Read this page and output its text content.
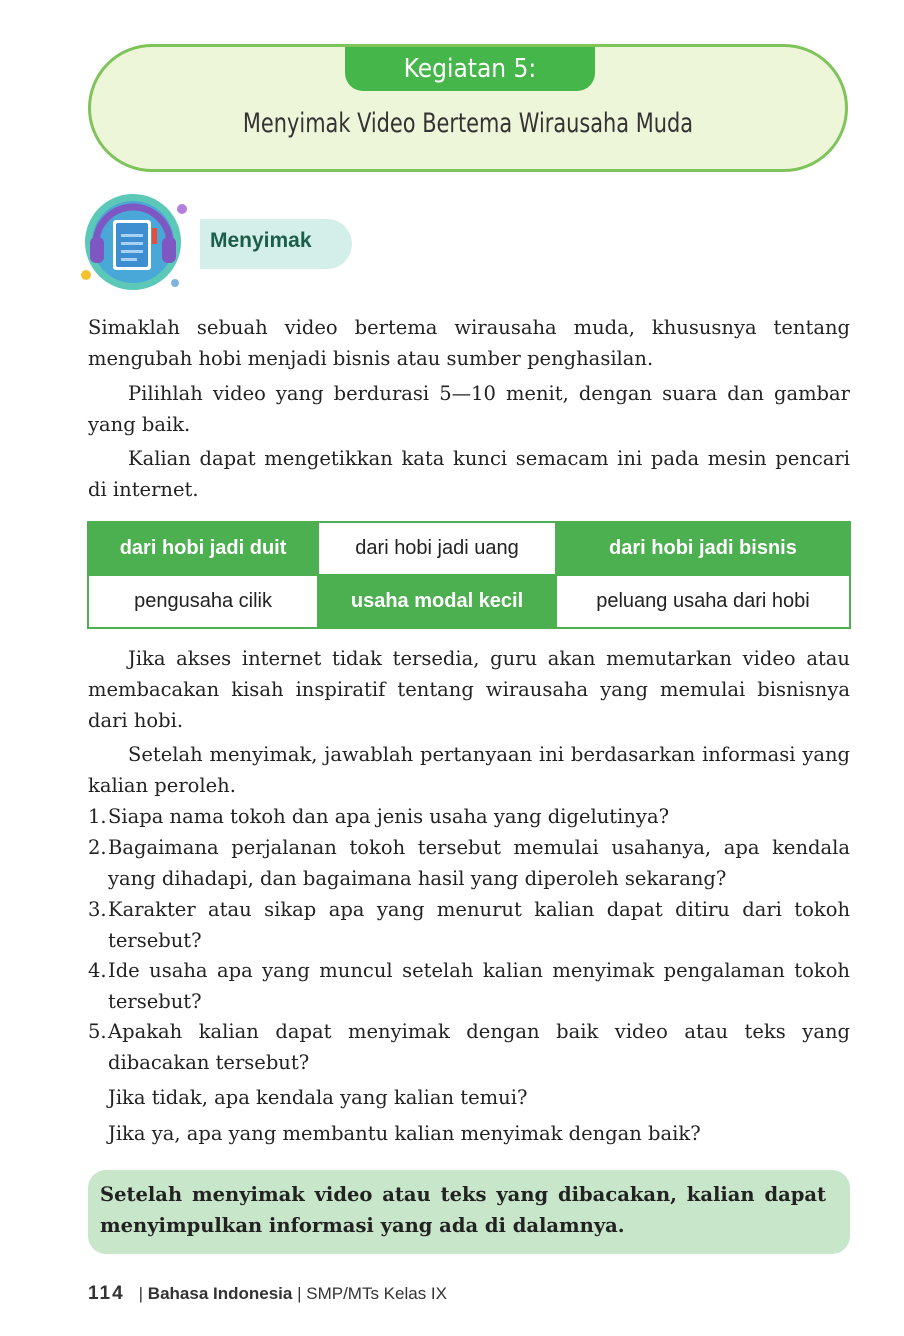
Kegiatan 5:
Menyimak Video Bertema Wirausaha Muda
Menyimak

Simaklah sebuah video bertema wirausaha muda, khususnya tentang mengubah hobi menjadi bisnis atau sumber penghasilan.

Pilihlah video yang berdurasi 5—10 menit, dengan suara dan gambar yang baik.

Kalian dapat mengetikkan kata kunci semacam ini pada mesin pencari di internet.

dari hobi jadi duit	dari hobi jadi uang	dari hobi jadi bisnis
pengusaha cilik	usaha modal kecil	peluang usaha dari hobi

Jika akses internet tidak tersedia, guru akan memutarkan video atau membacakan kisah inspiratif tentang wirausaha yang memulai bisnisnya dari hobi.

Setelah menyimak, jawablah pertanyaan ini berdasarkan informasi yang kalian peroleh.

1. Siapa nama tokoh dan apa jenis usaha yang digelutinya?
2. Bagaimana perjalanan tokoh tersebut memulai usahanya, apa kendala yang dihadapi, dan bagaimana hasil yang diperoleh sekarang?
3. Karakter atau sikap apa yang menurut kalian dapat ditiru dari tokoh tersebut?
4. Ide usaha apa yang muncul setelah kalian menyimak pengalaman tokoh tersebut?
5. Apakah kalian dapat menyimak dengan baik video atau teks yang dibacakan tersebut?
Jika tidak, apa kendala yang kalian temui?
Jika ya, apa yang membantu kalian menyimak dengan baik?
Setelah menyimak video atau teks yang dibacakan, kalian dapat menyimpulkan informasi yang ada di dalamnya.
114 | Bahasa Indonesia | SMP/MTs Kelas IX
